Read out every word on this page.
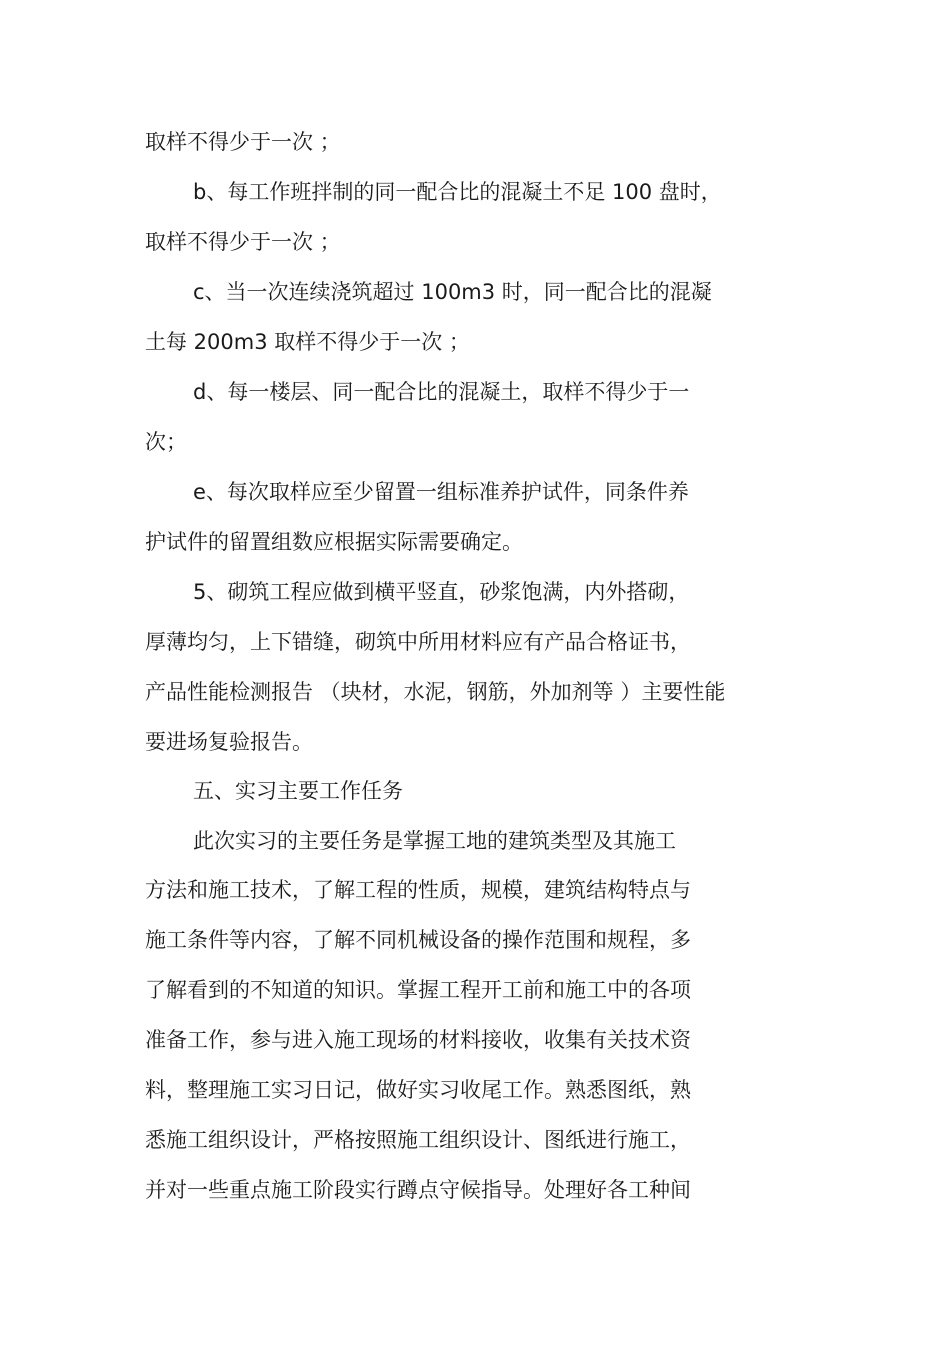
取样不得少于一次 ；
b、每工作班拌制的同一配合比的混凝土不足 100 盘时，
取样不得少于一次 ；
c、当一次连续浇筑超过 100m3 时，同一配合比的混凝
土每 200m3 取样不得少于一次 ；
d、每一楼层、同一配合比的混凝土，取样不得少于一
次；
e、每次取样应至少留置一组标准养护试件，同条件养
护试件的留置组数应根据实际需要确定。
5、砌筑工程应做到横平竖直，砂浆饱满，内外搭砌，
厚薄均匀，上下错缝，砌筑中所用材料应有产品合格证书，
产品性能检测报告 （块材，水泥，钢筋，外加剂等 ）主要性能
要进场复验报告。
五、实习主要工作任务
此次实习的主要任务是掌握工地的建筑类型及其施工
方法和施工技术，了解工程的性质，规模，建筑结构特点与
施工条件等内容，了解不同机械设备的操作范围和规程，多
了解看到的不知道的知识。掌握工程开工前和施工中的各项
准备工作，参与进入施工现场的材料接收，收集有关技术资
料，整理施工实习日记，做好实习收尾工作。熟悉图纸，熟
悉施工组织设计，严格按照施工组织设计、图纸进行施工，
并对一些重点施工阶段实行蹲点守候指导。处理好各工种间
